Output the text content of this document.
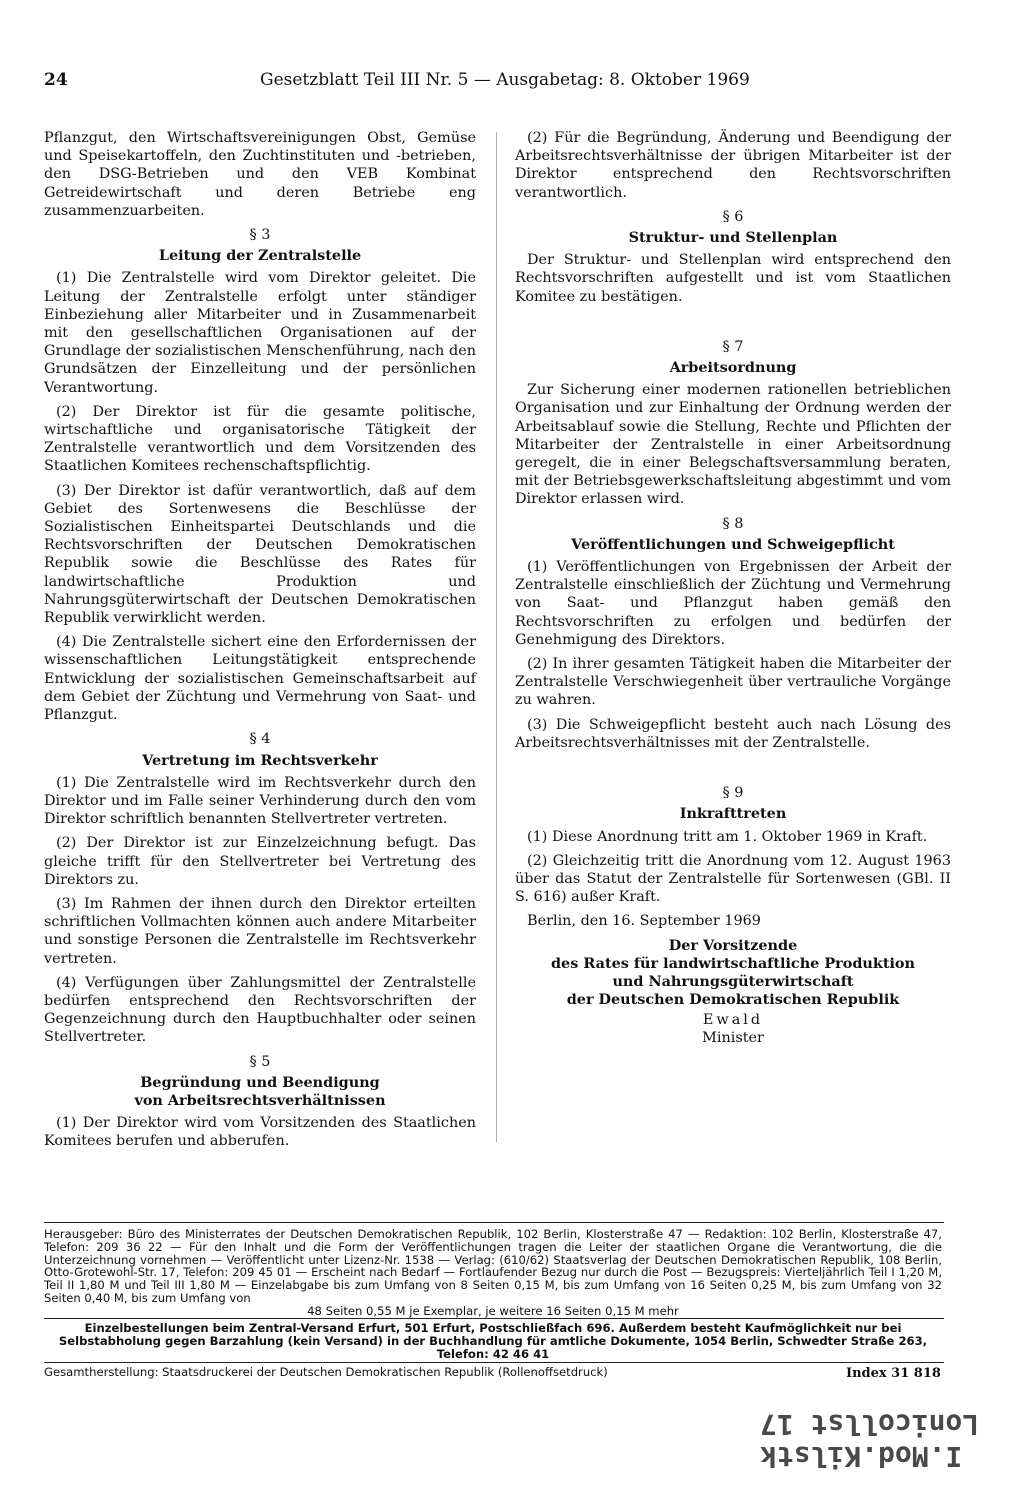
24	Gesetzblatt Teil III Nr. 5 — Ausgabetag: 8. Oktober 1969

Pflanzgut, den Wirtschaftsvereinigungen Obst, Gemüse und Speisekartoffeln, den Zuchtinstituten und -betrieben, den DSG-Betrieben und den VEB Kombinat Getreidewirtschaft und deren Betriebe eng zusammenzuarbeiten.

§ 3
Leitung der Zentralstelle

(1) Die Zentralstelle wird vom Direktor geleitet. Die Leitung der Zentralstelle erfolgt unter ständiger Einbeziehung aller Mitarbeiter und in Zusammenarbeit mit den gesellschaftlichen Organisationen auf der Grundlage der sozialistischen Menschenführung, nach den Grundsätzen der Einzelleitung und der persönlichen Verantwortung.

(2) Der Direktor ist für die gesamte politische, wirtschaftliche und organisatorische Tätigkeit der Zentralstelle verantwortlich und dem Vorsitzenden des Staatlichen Komitees rechenschaftspflichtig.

(3) Der Direktor ist dafür verantwortlich, daß auf dem Gebiet des Sortenwesens die Beschlüsse der Sozialistischen Einheitspartei Deutschlands und die Rechtsvorschriften der Deutschen Demokratischen Republik sowie die Beschlüsse des Rates für landwirtschaftliche Produktion und Nahrungsgüterwirtschaft der Deutschen Demokratischen Republik verwirklicht werden.

(4) Die Zentralstelle sichert eine den Erfordernissen der wissenschaftlichen Leitungstätigkeit entsprechende Entwicklung der sozialistischen Gemeinschaftsarbeit auf dem Gebiet der Züchtung und Vermehrung von Saat- und Pflanzgut.

§ 4
Vertretung im Rechtsverkehr

(1) Die Zentralstelle wird im Rechtsverkehr durch den Direktor und im Falle seiner Verhinderung durch den vom Direktor schriftlich benannten Stellvertreter vertreten.

(2) Der Direktor ist zur Einzelzeichnung befugt. Das gleiche trifft für den Stellvertreter bei Vertretung des Direktors zu.

(3) Im Rahmen der ihnen durch den Direktor erteilten schriftlichen Vollmachten können auch andere Mitarbeiter und sonstige Personen die Zentralstelle im Rechtsverkehr vertreten.

(4) Verfügungen über Zahlungsmittel der Zentralstelle bedürfen entsprechend den Rechtsvorschriften der Gegenzeichnung durch den Hauptbuchhalter oder seinen Stellvertreter.

§ 5
Begründung und Beendigung
von Arbeitsrechtsverhältnissen

(1) Der Direktor wird vom Vorsitzenden des Staatlichen Komitees berufen und abberufen.

(2) Für die Begründung, Änderung und Beendigung der Arbeitsrechtsverhältnisse der übrigen Mitarbeiter ist der Direktor entsprechend den Rechtsvorschriften verantwortlich.

§ 6
Struktur- und Stellenplan

Der Struktur- und Stellenplan wird entsprechend den Rechtsvorschriften aufgestellt und ist vom Staatlichen Komitee zu bestätigen.

§ 7
Arbeitsordnung

Zur Sicherung einer modernen rationellen betrieblichen Organisation und zur Einhaltung der Ordnung werden der Arbeitsablauf sowie die Stellung, Rechte und Pflichten der Mitarbeiter der Zentralstelle in einer Arbeitsordnung geregelt, die in einer Belegschaftsversammlung beraten, mit der Betriebsgewerkschaftsleitung abgestimmt und vom Direktor erlassen wird.

§ 8
Veröffentlichungen und Schweigepflicht

(1) Veröffentlichungen von Ergebnissen der Arbeit der Zentralstelle einschließlich der Züchtung und Vermehrung von Saat- und Pflanzgut haben gemäß den Rechtsvorschriften zu erfolgen und bedürfen der Genehmigung des Direktors.

(2) In ihrer gesamten Tätigkeit haben die Mitarbeiter der Zentralstelle Verschwiegenheit über vertrauliche Vorgänge zu wahren.

(3) Die Schweigepflicht besteht auch nach Lösung des Arbeitsrechtsverhältnisses mit der Zentralstelle.

§ 9
Inkrafttreten

(1) Diese Anordnung tritt am 1. Oktober 1969 in Kraft.

(2) Gleichzeitig tritt die Anordnung vom 12. August 1963 über das Statut der Zentralstelle für Sortenwesen (GBl. II S. 616) außer Kraft.

Berlin, den 16. September 1969

Der Vorsitzende
des Rates für landwirtschaftliche Produktion
und Nahrungsgüterwirtschaft
der Deutschen Demokratischen Republik
Ewald
Minister
Herausgeber: Büro des Ministerrates der Deutschen Demokratischen Republik, 102 Berlin, Klosterstraße 47 — Redaktion: 102 Berlin, Klosterstraße 47, Telefon: 209 36 22 — Für den Inhalt und die Form der Veröffentlichungen tragen die Leiter der staatlichen Organe die Verantwortung, die die Unterzeichnung vornehmen — Veröffentlicht unter Lizenz-Nr. 1538 — Verlag: (610/62) Staatsverlag der Deutschen Demokratischen Republik, 108 Berlin, Otto-Grotewohl-Str. 17, Telefon: 209 45 01 — Erscheint nach Bedarf — Fortlaufender Bezug nur durch die Post — Bezugspreis: Vierteljährlich Teil I 1,20 M, Teil II 1,80 M und Teil III 1,80 M — Einzelabgabe bis zum Umfang von 8 Seiten 0,15 M, bis zum Umfang von 16 Seiten 0,25 M, bis zum Umfang von 32 Seiten 0,40 M, bis zum Umfang von
48 Seiten 0,55 M je Exemplar, je weitere 16 Seiten 0,15 M mehr
Einzelbestellungen beim Zentral-Versand Erfurt, 501 Erfurt, Postschließfach 696. Außerdem besteht Kaufmöglichkeit nur bei Selbstabholung gegen Barzahlung (kein Versand) in der Buchhandlung für amtliche Dokumente, 1054 Berlin, Schwedter Straße 263, Telefon: 42 46 41
Gesamtherstellung: Staatsdruckerei der Deutschen Demokratischen Republik (Rollenoffsetdruck)	Index 31 818
I.Mod.Kilstk
Lonicollst 17
